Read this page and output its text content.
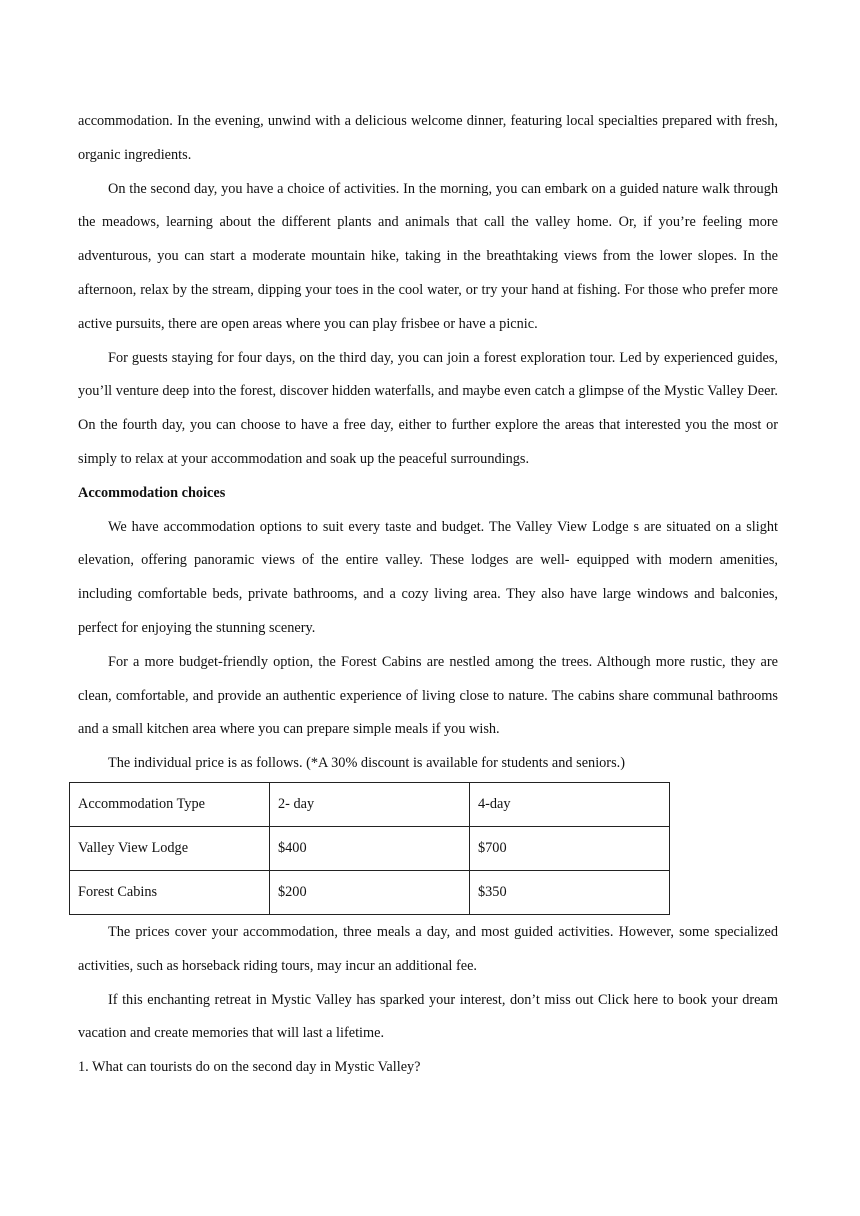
accommodation. In the evening, unwind with a delicious welcome dinner, featuring local specialties prepared with fresh, organic ingredients.

On the second day, you have a choice of activities. In the morning, you can embark on a guided nature walk through the meadows, learning about the different plants and animals that call the valley home. Or, if you’re feeling more adventurous, you can start a moderate mountain hike, taking in the breathtaking views from the lower slopes. In the afternoon, relax by the stream, dipping your toes in the cool water, or try your hand at fishing. For those who prefer more active pursuits, there are open areas where you can play frisbee or have a picnic.

For guests staying for four days, on the third day, you can join a forest exploration tour. Led by experienced guides, you’ll venture deep into the forest, discover hidden waterfalls, and maybe even catch a glimpse of the Mystic Valley Deer. On the fourth day, you can choose to have a free day, either to further explore the areas that interested you the most or simply to relax at your accommodation and soak up the peaceful surroundings.

Accommodation choices

We have accommodation options to suit every taste and budget. The Valley View Lodge s are situated on a slight elevation, offering panoramic views of the entire valley. These lodges are well- equipped with modern amenities, including comfortable beds, private bathrooms, and a cozy living area. They also have large windows and balconies, perfect for enjoying the stunning scenery.

For a more budget-friendly option, the Forest Cabins are nestled among the trees. Although more rustic, they are clean, comfortable, and provide an authentic experience of living close to nature. The cabins share communal bathrooms and a small kitchen area where you can prepare simple meals if you wish.

The individual price is as follows. (*A 30% discount is available for students and seniors.)

Accommodation Type	2- day	4-day
Valley View Lodge	$400	$700
Forest Cabins	$200	$350

The prices cover your accommodation, three meals a day, and most guided activities. However, some specialized activities, such as horseback riding tours, may incur an additional fee.

If this enchanting retreat in Mystic Valley has sparked your interest, don’t miss out Click here to book your dream vacation and create memories that will last a lifetime.

1. What can tourists do on the second day in Mystic Valley?
